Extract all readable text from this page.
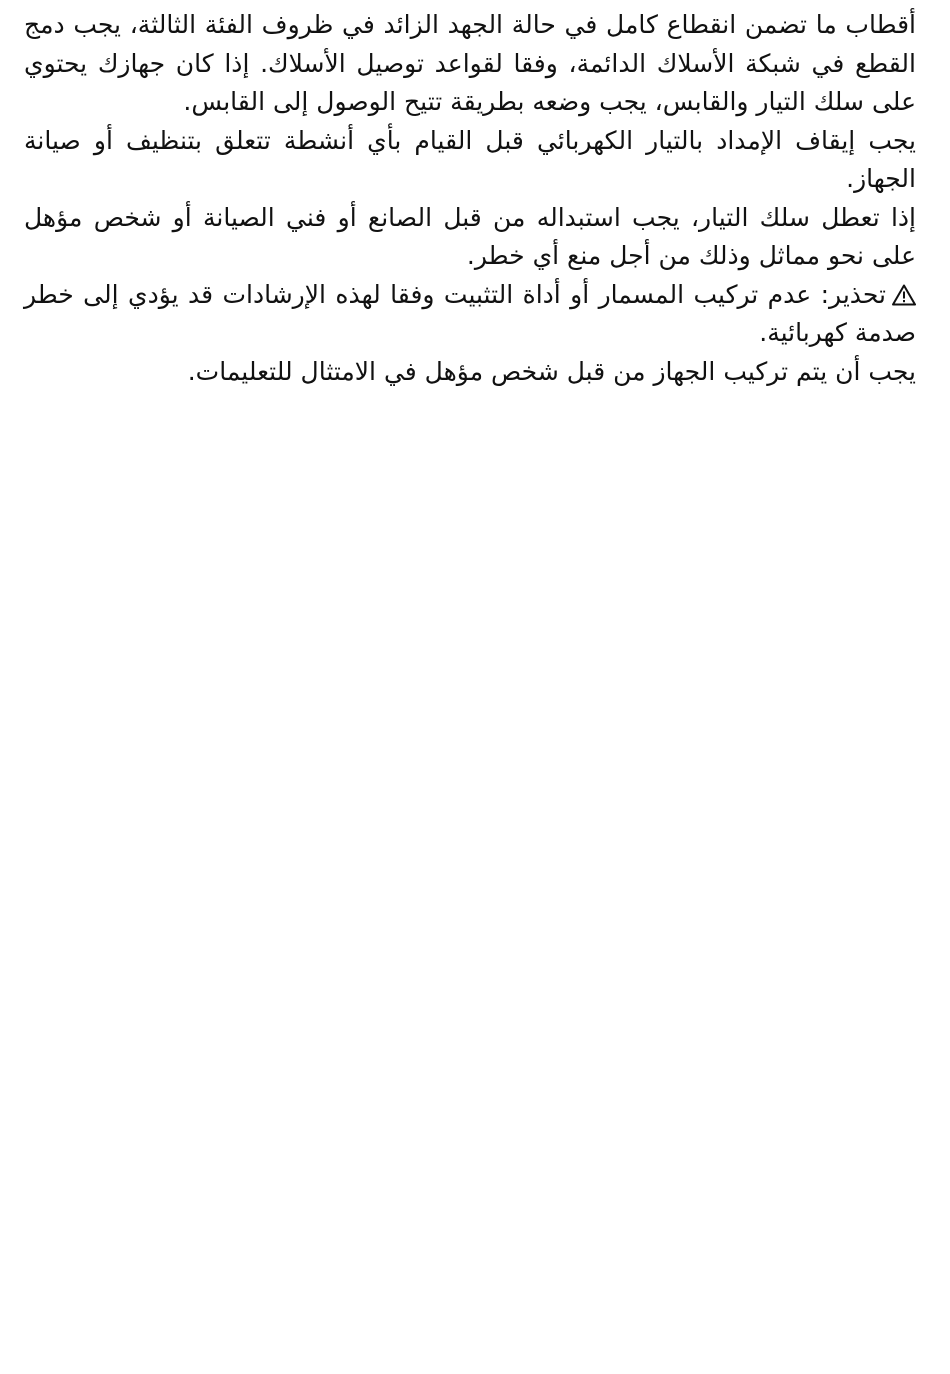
أقطاب ما تضمن انقطاع كامل في حالة الجهد الزائد في ظروف الفئة الثالثة، يجب دمج القطع في شبكة الأسلاك الدائمة، وفقا لقواعد توصيل الأسلاك. إذا كان جهازك يحتوي على سلك التيار والقابس، يجب وضعه بطريقة تتيح الوصول إلى القابس.

يجب إيقاف الإمداد بالتيار الكهربائي قبل القيام بأي أنشطة تتعلق بتنظيف أو صيانة الجهاز.

إذا تعطل سلك التيار، يجب استبداله من قبل الصانع أو فني الصيانة أو شخص مؤهل على نحو مماثل وذلك من أجل منع أي خطر.

تحذير: عدم تركيب المسمار أو أداة التثبيت وفقا لهذه الإرشادات قد يؤدي إلى خطر صدمة كهربائية.

يجب أن يتم تركيب الجهاز من قبل شخص مؤهل في الامتثال للتعليمات.
